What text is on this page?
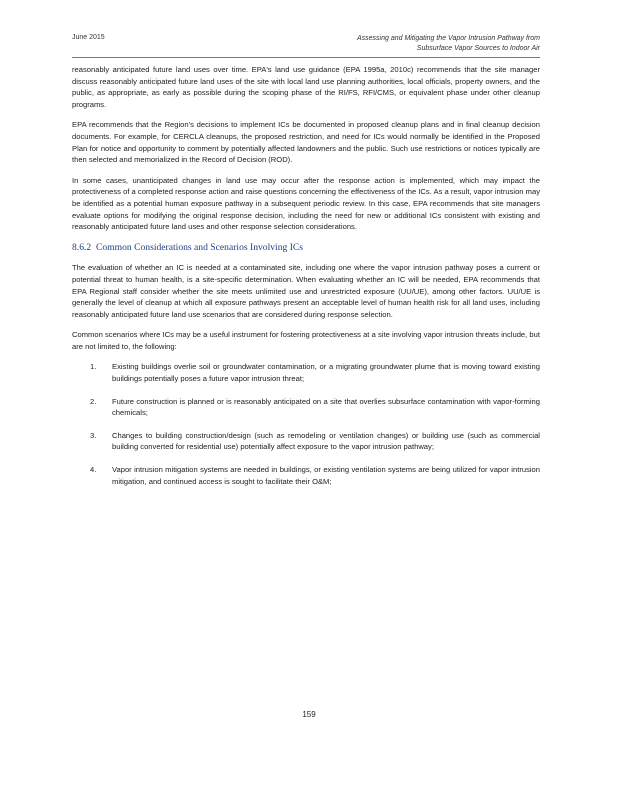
June 2015	Assessing and Mitigating the Vapor Intrusion Pathway from
Subsurface Vapor Sources to Indoor Air

reasonably anticipated future land uses over time. EPA's land use guidance (EPA 1995a, 2010c) recommends that the site manager discuss reasonably anticipated future land uses of the site with local land use planning authorities, local officials, property owners, and the public, as appropriate, as early as possible during the scoping phase of the RI/FS, RFI/CMS, or equivalent phase under other cleanup programs.

EPA recommends that the Region's decisions to implement ICs be documented in proposed cleanup plans and in final cleanup decision documents. For example, for CERCLA cleanups, the proposed restriction, and need for ICs would normally be identified in the Proposed Plan for notice and opportunity to comment by potentially affected landowners and the public. Such use restrictions or notices typically are then selected and memorialized in the Record of Decision (ROD).

In some cases, unanticipated changes in land use may occur after the response action is implemented, which may impact the protectiveness of a completed response action and raise questions concerning the effectiveness of the ICs. As a result, vapor intrusion may be identified as a potential human exposure pathway in a subsequent periodic review. In this case, EPA recommends that site managers evaluate options for modifying the original response decision, including the need for new or additional ICs consistent with existing and reasonably anticipated future land uses and other response selection considerations.

8.6.2 Common Considerations and Scenarios Involving ICs

The evaluation of whether an IC is needed at a contaminated site, including one where the vapor intrusion pathway poses a current or potential threat to human health, is a site-specific determination. When evaluating whether an IC will be needed, EPA recommends that EPA Regional staff consider whether the site meets unlimited use and unrestricted exposure (UU/UE), among other factors. UU/UE is generally the level of cleanup at which all exposure pathways present an acceptable level of human health risk for all land uses, including reasonably anticipated future land use scenarios that are considered during response selection.

Common scenarios where ICs may be a useful instrument for fostering protectiveness at a site involving vapor intrusion threats include, but are not limited to, the following:

1.	Existing buildings overlie soil or groundwater contamination, or a migrating groundwater plume that is moving toward existing buildings potentially poses a future vapor intrusion threat;
2.	Future construction is planned or is reasonably anticipated on a site that overlies subsurface contamination with vapor-forming chemicals;
3.	Changes to building construction/design (such as remodeling or ventilation changes) or building use (such as commercial building converted for residential use) potentially affect exposure to the vapor intrusion pathway;
4.	Vapor intrusion mitigation systems are needed in buildings, or existing ventilation systems are being utilized for vapor intrusion mitigation, and continued access is sought to facilitate their O&M;
159
